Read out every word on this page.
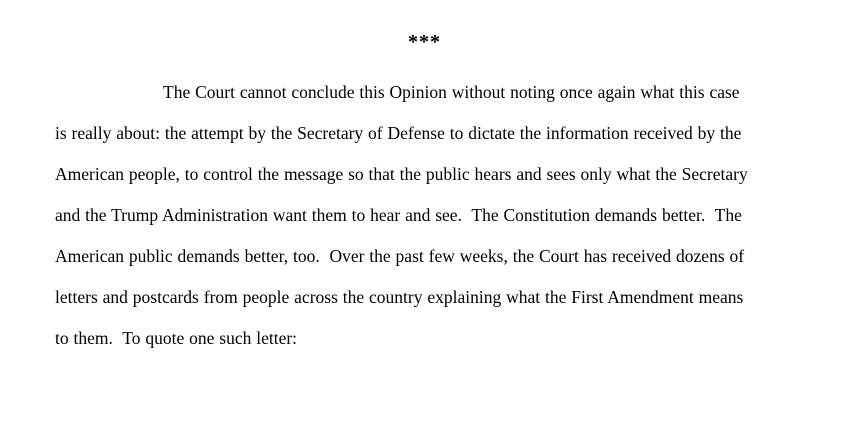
***
The Court cannot conclude this Opinion without noting once again what this case is really about: the attempt by the Secretary of Defense to dictate the information received by the American people, to control the message so that the public hears and sees only what the Secretary and the Trump Administration want them to hear and see.  The Constitution demands better.  The American public demands better, too.  Over the past few weeks, the Court has received dozens of letters and postcards from people across the country explaining what the First Amendment means to them.  To quote one such letter:
